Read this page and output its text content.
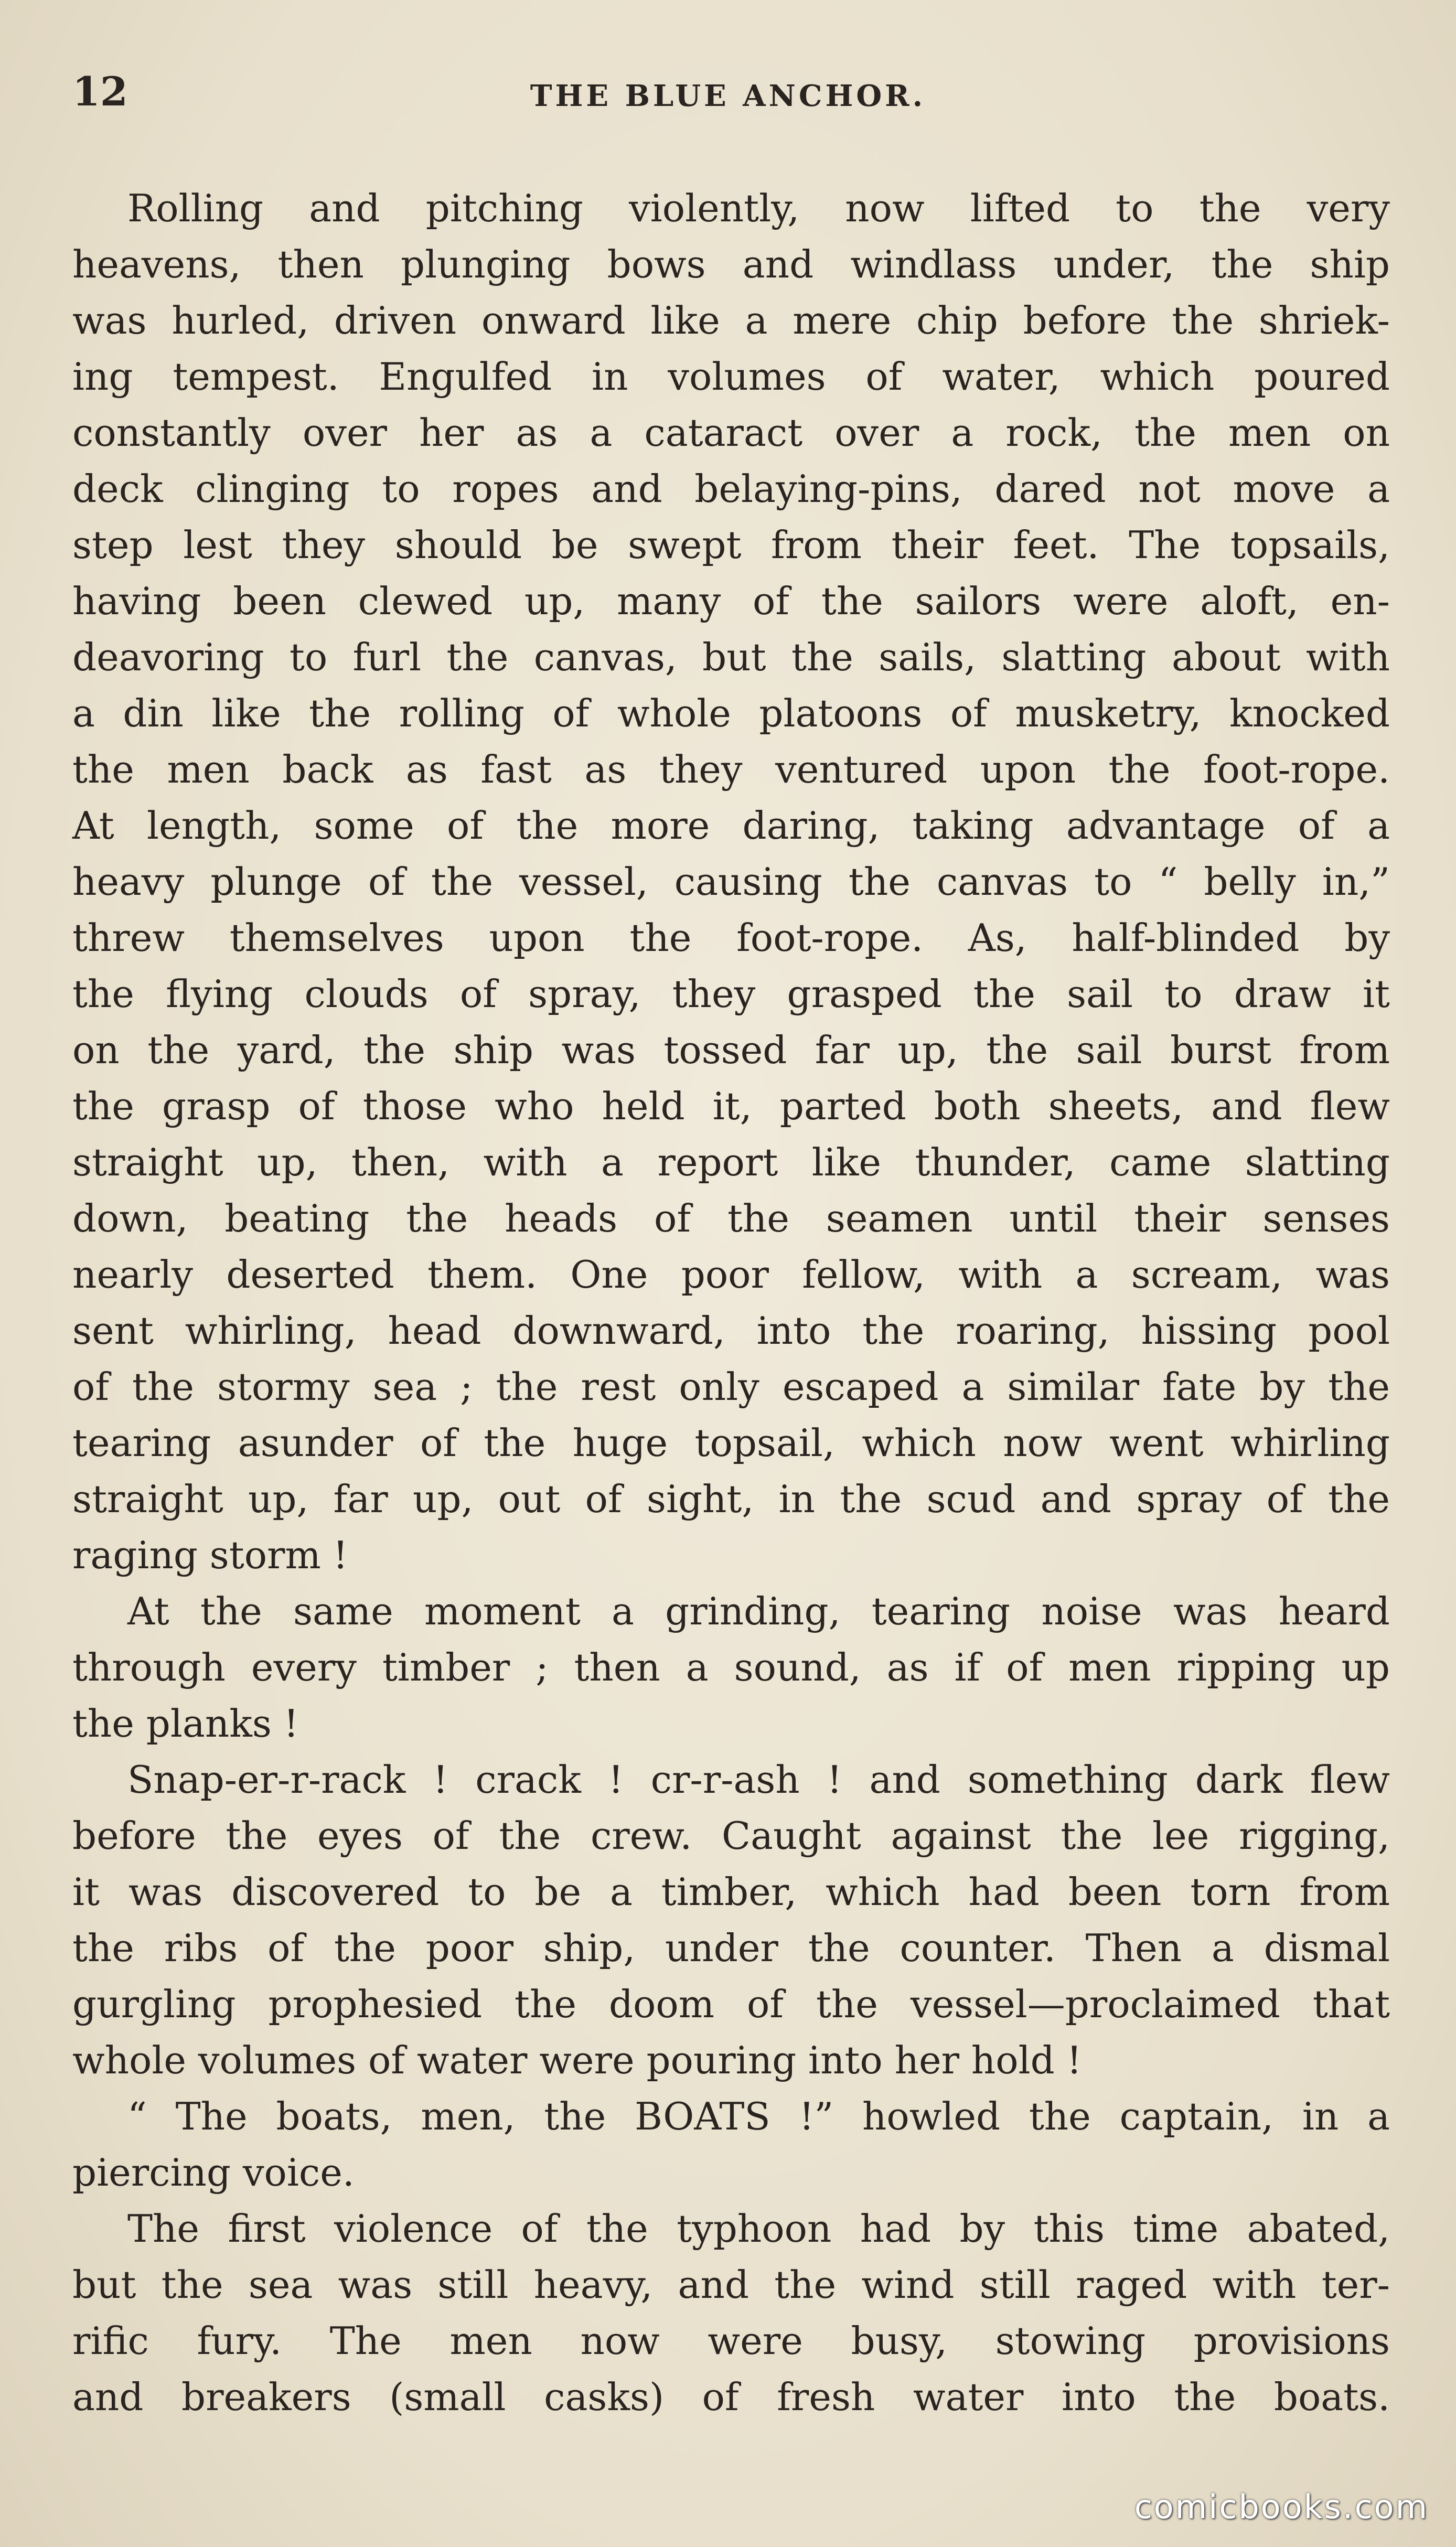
12	THE BLUE ANCHOR.
Rolling and pitching violently, now lifted to the very
heavens, then plunging bows and windlass under, the ship
was hurled, driven onward like a mere chip before the shriek-
ing tempest. Engulfed in volumes of water, which poured
constantly over her as a cataract over a rock, the men on
deck clinging to ropes and belaying-pins, dared not move a
step lest they should be swept from their feet. The topsails,
having been clewed up, many of the sailors were aloft, en-
deavoring to furl the canvas, but the sails, slatting about with
a din like the rolling of whole platoons of musketry, knocked
the men back as fast as they ventured upon the foot-rope.
At length, some of the more daring, taking advantage of a
heavy plunge of the vessel, causing the canvas to “ belly in,”
threw themselves upon the foot-rope. As, half-blinded by
the flying clouds of spray, they grasped the sail to draw it
on the yard, the ship was tossed far up, the sail burst from
the grasp of those who held it, parted both sheets, and flew
straight up, then, with a report like thunder, came slatting
down, beating the heads of the seamen until their senses
nearly deserted them. One poor fellow, with a scream, was
sent whirling, head downward, into the roaring, hissing pool
of the stormy sea ; the rest only escaped a similar fate by the
tearing asunder of the huge topsail, which now went whirling
straight up, far up, out of sight, in the scud and spray of the
raging storm !
At the same moment a grinding, tearing noise was heard
through every timber ; then a sound, as if of men ripping up
the planks !
Snap-er-r-rack ! crack ! cr-r-ash ! and something dark flew
before the eyes of the crew. Caught against the lee rigging,
it was discovered to be a timber, which had been torn from
the ribs of the poor ship, under the counter. Then a dismal
gurgling prophesied the doom of the vessel—proclaimed that
whole volumes of water were pouring into her hold !
“ The boats, men, the BOATS !” howled the captain, in a
piercing voice.
The first violence of the typhoon had by this time abated,
but the sea was still heavy, and the wind still raged with ter-
rific fury. The men now were busy, stowing provisions
and breakers (small casks) of fresh water into the boats.
comicbooks.com
